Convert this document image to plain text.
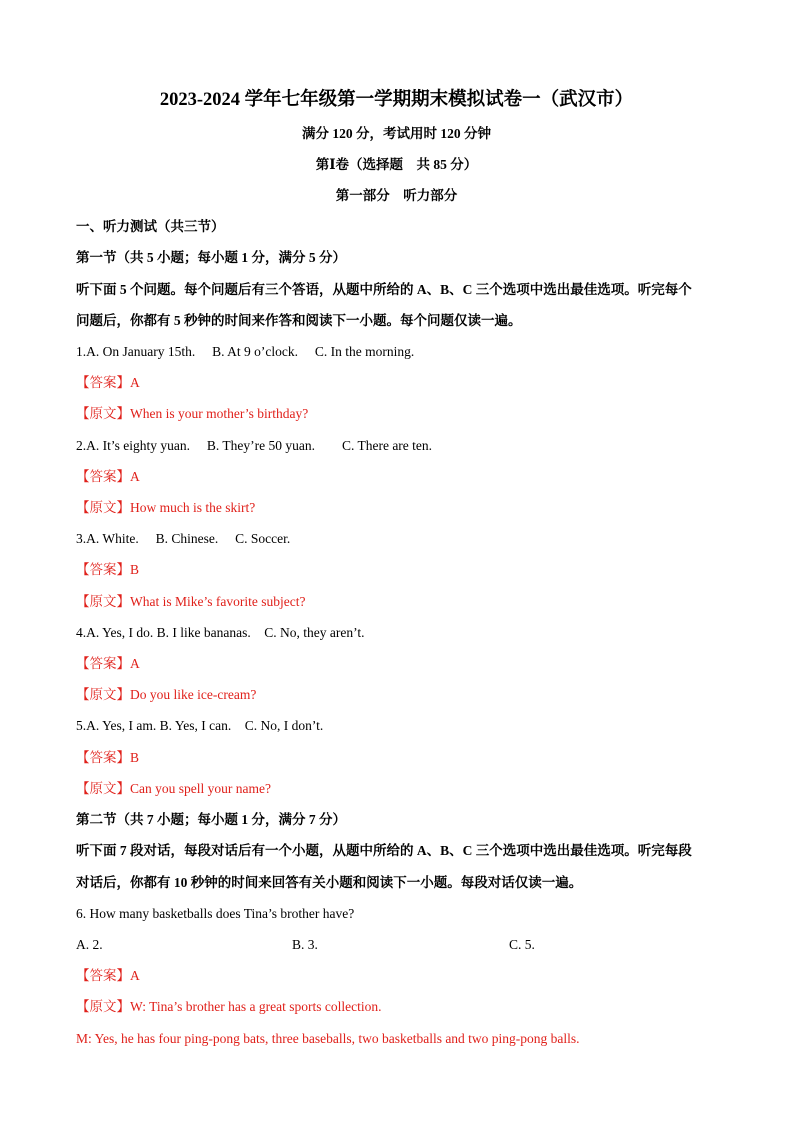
2023-2024 学年七年级第一学期期末模拟试卷一（武汉市）
满分 120 分，考试用时 120 分钟
第Ⅰ卷（选择题　共 85 分）
第一部分　听力部分
一、听力测试（共三节）
第一节（共 5 小题；每小题 1 分，满分 5 分）
听下面 5 个问题。每个问题后有三个答语，从题中所给的 A、B、C 三个选项中选出最佳选项。听完每个
问题后，你都有 5 秒钟的时间来作答和阅读下一小题。每个问题仅读一遍。
1.A. On January 15th.　 B. At 9 o’clock.　 C. In the morning.
【答案】A
【原文】When is your mother’s birthday?
2.A. It’s eighty yuan.　 B. They’re 50 yuan.　　C. There are ten.
【答案】A
【原文】How much is the skirt?
3.A. White.　 B. Chinese.　 C. Soccer.
【答案】B
【原文】What is Mike’s favorite subject?
4.A. Yes, I do. B. I like bananas.　C. No, they aren’t.
【答案】A
【原文】Do you like ice-cream?
5.A. Yes, I am. B. Yes, I can.　C. No, I don’t.
【答案】B
【原文】Can you spell your name?
第二节（共 7 小题；每小题 1 分，满分 7 分）
听下面 7 段对话，每段对话后有一个小题，从题中所给的 A、B、C 三个选项中选出最佳选项。听完每段
对话后，你都有 10 秒钟的时间来回答有关小题和阅读下一小题。每段对话仅读一遍。
6. How many basketballs does Tina’s brother have?
A. 2.	B. 3.	C. 5.
【答案】A
【原文】W: Tina’s brother has a great sports collection.
M: Yes, he has four ping-pong bats, three baseballs, two basketballs and two ping-pong balls.
